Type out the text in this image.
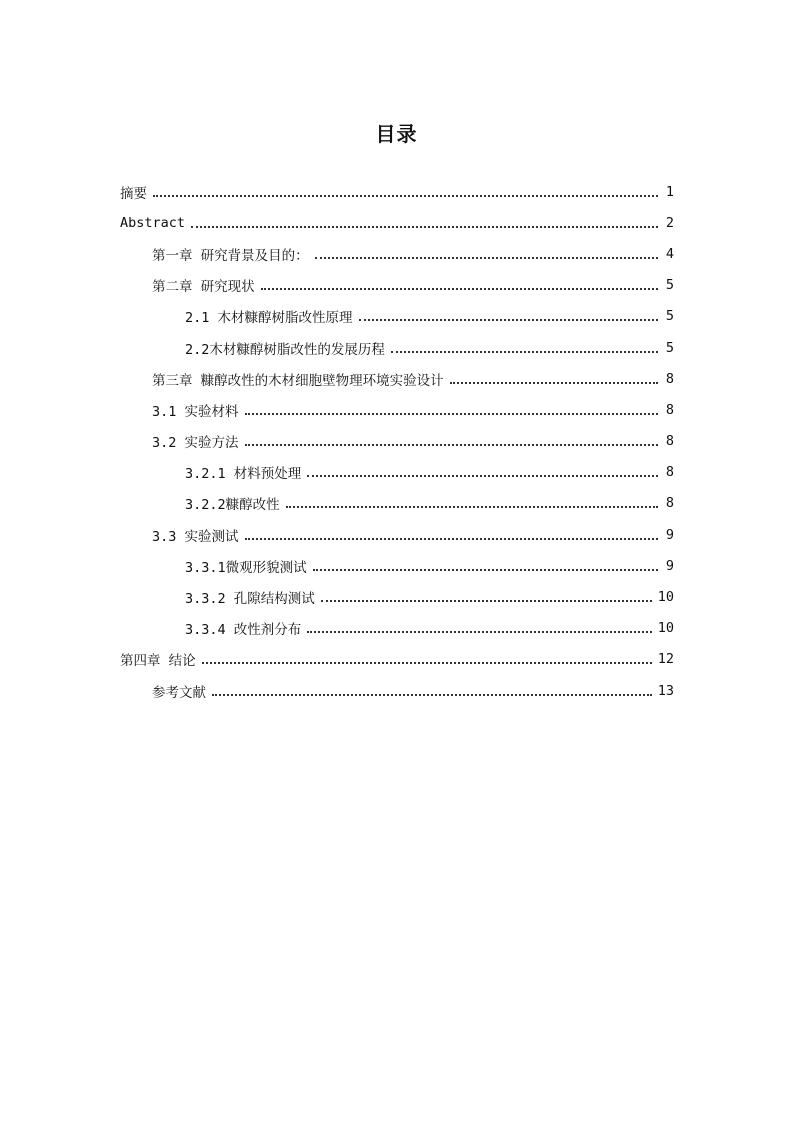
目录
摘要	1
Abstract	2
第一章 研究背景及目的：	4
第二章 研究现状	5
2.1 木材糠醇树脂改性原理	5
2.2木材糠醇树脂改性的发展历程	5
第三章 糠醇改性的木材细胞壁物理环境实验设计	8
3.1 实验材料	8
3.2 实验方法	8
3.2.1 材料预处理	8
3.2.2糠醇改性	8
3.3 实验测试	9
3.3.1微观形貌测试	9
3.3.2 孔隙结构测试	10
3.3.4 改性剂分布	10
第四章 结论	12
参考文献	13
